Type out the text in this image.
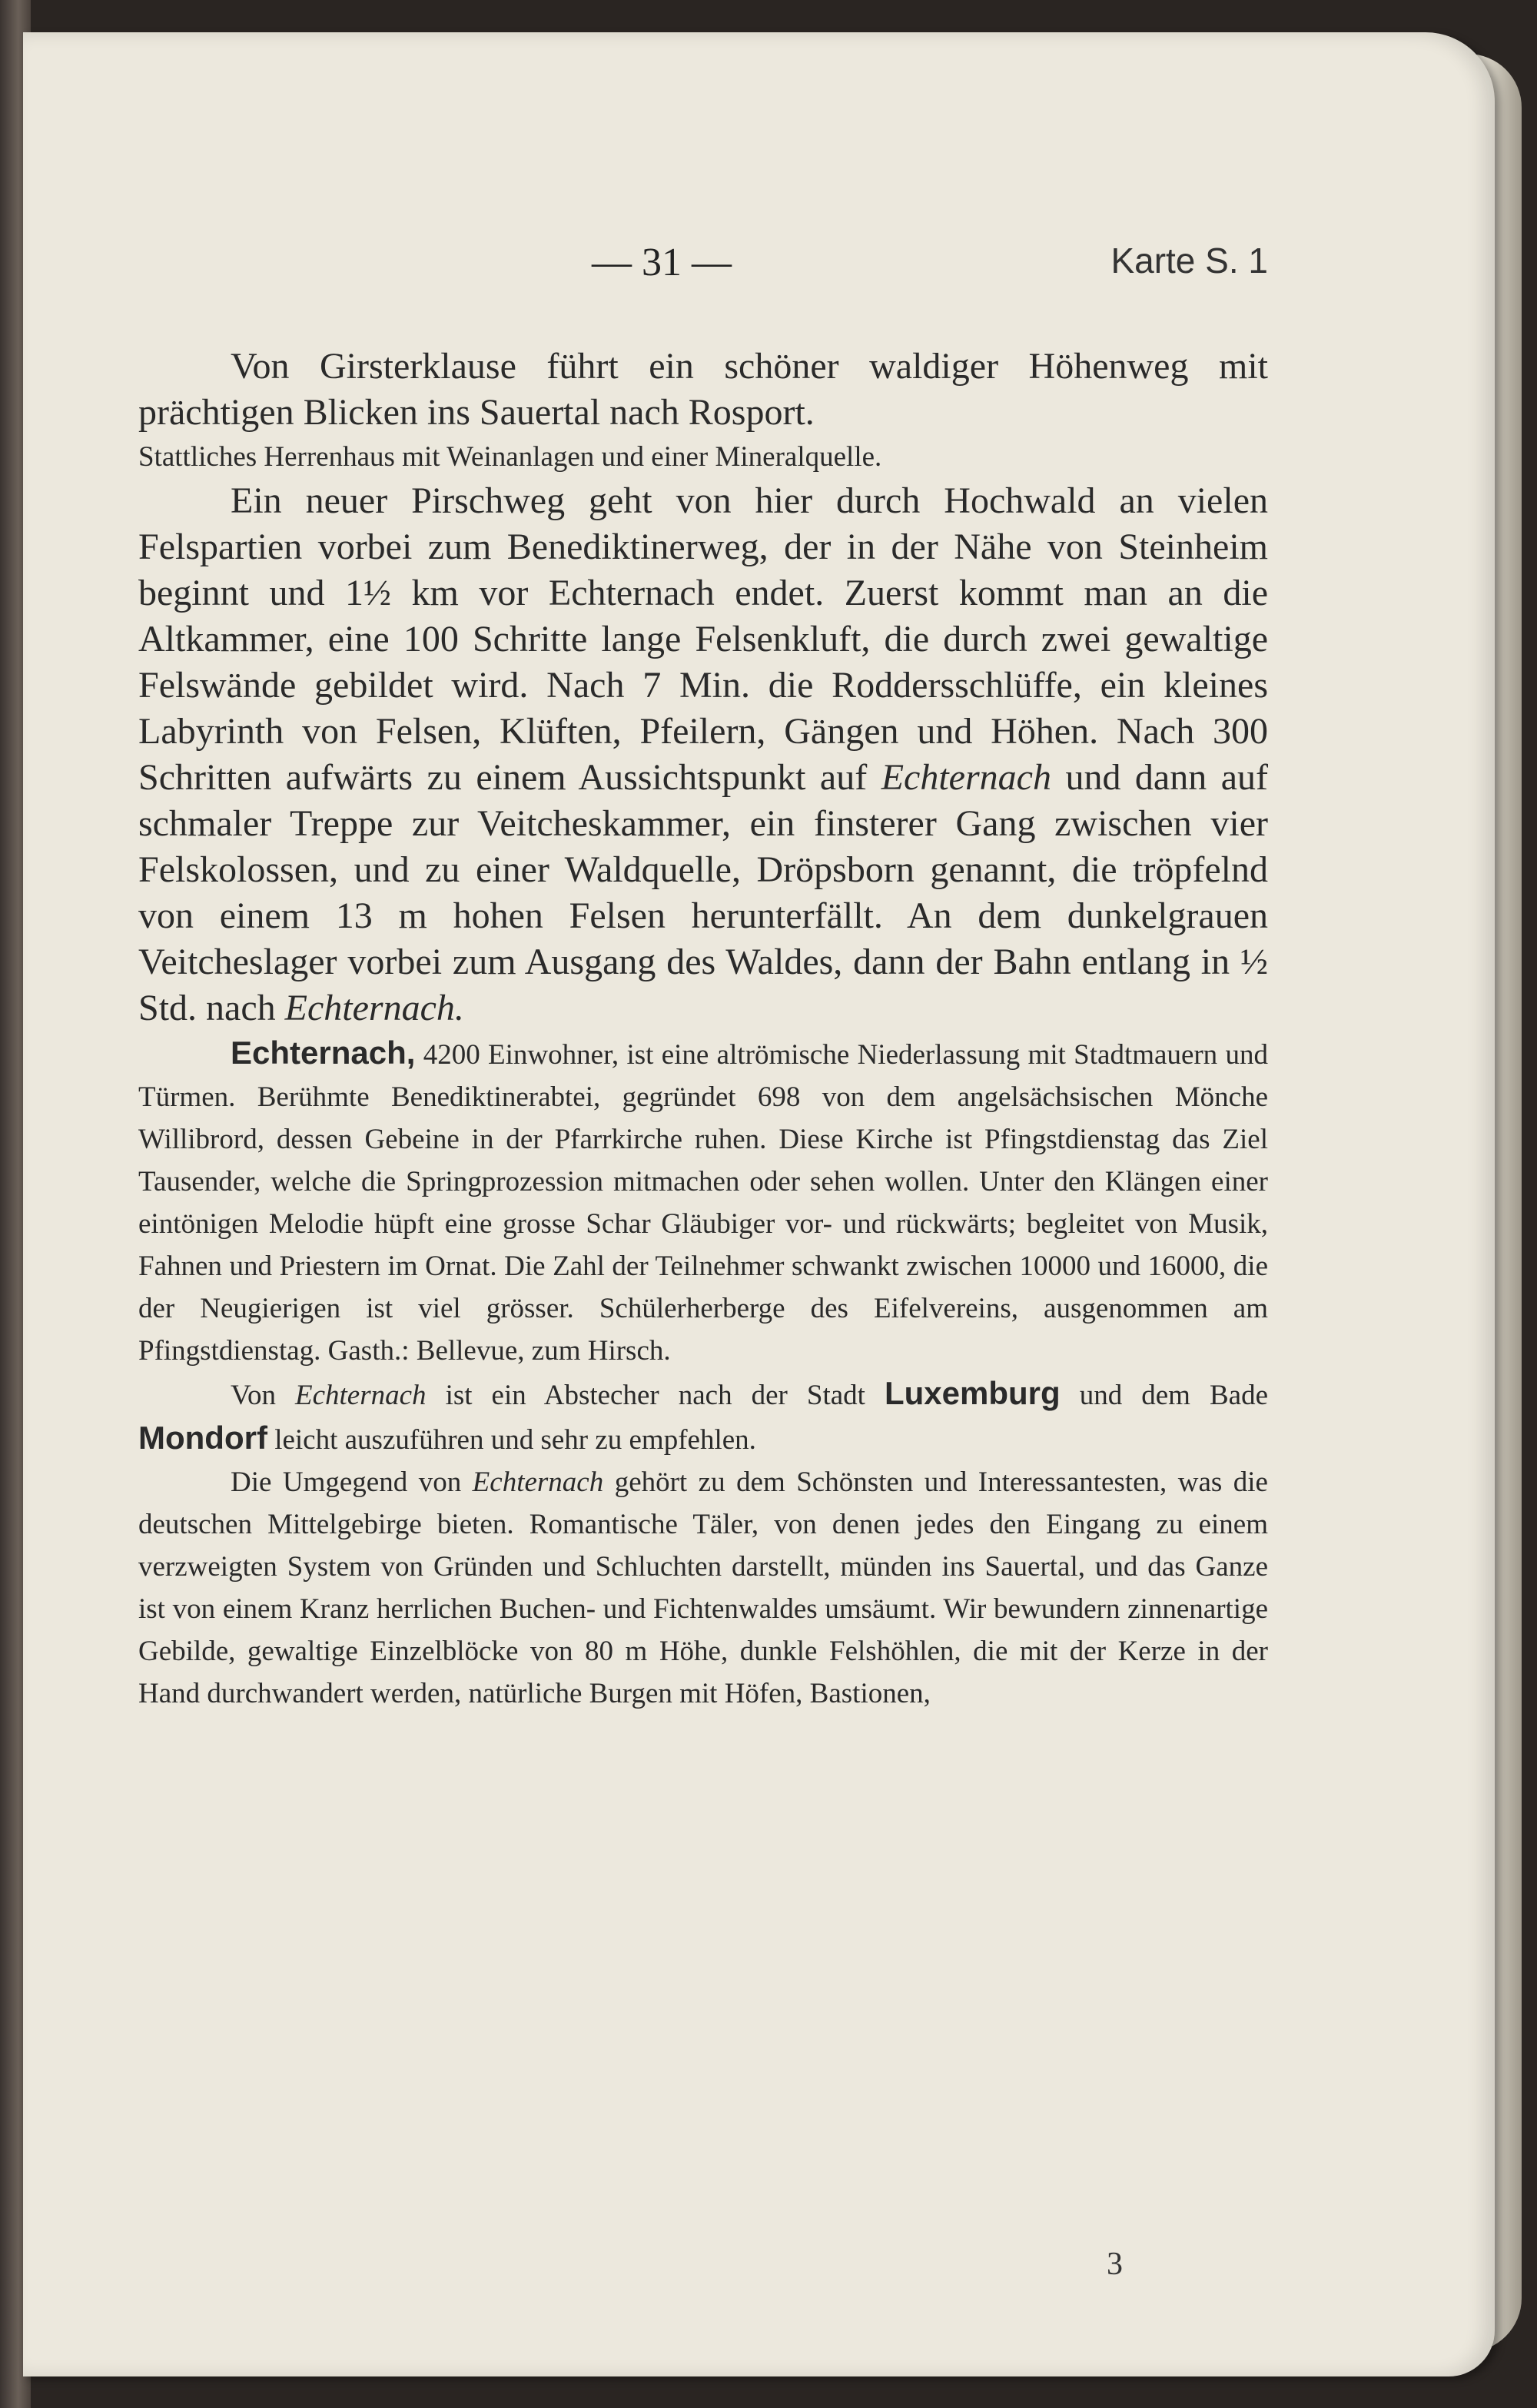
— 31 —	Karte S. 1

Von Girsterklause führt ein schöner waldiger Höhenweg mit prächtigen Blicken ins Sauertal nach Rosport.

Stattliches Herrenhaus mit Weinanlagen und einer Mineralquelle.

Ein neuer Pirschweg geht von hier durch Hochwald an vielen Felspartien vorbei zum Benediktinerweg, der in der Nähe von Steinheim beginnt und 1½ km vor Echternach endet. Zuerst kommt man an die Altkammer, eine 100 Schritte lange Felsenkluft, die durch zwei gewaltige Felswände gebildet wird. Nach 7 Min. die Roddersschlüffe, ein kleines Labyrinth von Felsen, Klüften, Pfeilern, Gängen und Höhen. Nach 300 Schritten aufwärts zu einem Aussichtspunkt auf Echternach und dann auf schmaler Treppe zur Veitcheskammer, ein finsterer Gang zwischen vier Felskolossen, und zu einer Waldquelle, Dröpsborn genannt, die tröpfelnd von einem 13 m hohen Felsen herunterfällt. An dem dunkelgrauen Veitcheslager vorbei zum Ausgang des Waldes, dann der Bahn entlang in ½ Std. nach Echternach.

Echternach, 4200 Einwohner, ist eine altrömische Niederlassung mit Stadtmauern und Türmen. Berühmte Benediktinerabtei, gegründet 698 von dem angelsächsischen Mönche Willibrord, dessen Gebeine in der Pfarrkirche ruhen. Diese Kirche ist Pfingstdienstag das Ziel Tausender, welche die Springprozession mitmachen oder sehen wollen. Unter den Klängen einer eintönigen Melodie hüpft eine grosse Schar Gläubiger vor- und rückwärts; begleitet von Musik, Fahnen und Priestern im Ornat. Die Zahl der Teilnehmer schwankt zwischen 10000 und 16000, die der Neugierigen ist viel grösser. Schülerherberge des Eifelvereins, ausgenommen am Pfingstdienstag. Gasth.: Bellevue, zum Hirsch.

Von Echternach ist ein Abstecher nach der Stadt Luxemburg und dem Bade Mondorf leicht auszuführen und sehr zu empfehlen.

Die Umgegend von Echternach gehört zu dem Schönsten und Interessantesten, was die deutschen Mittelgebirge bieten. Romantische Täler, von denen jedes den Eingang zu einem verzweigten System von Gründen und Schluchten darstellt, münden ins Sauertal, und das Ganze ist von einem Kranz herrlichen Buchen- und Fichtenwaldes umsäumt. Wir bewundern zinnenartige Gebilde, gewaltige Einzelblöcke von 80 m Höhe, dunkle Felshöhlen, die mit der Kerze in der Hand durchwandert werden, natürliche Burgen mit Höfen, Bastionen,

3
